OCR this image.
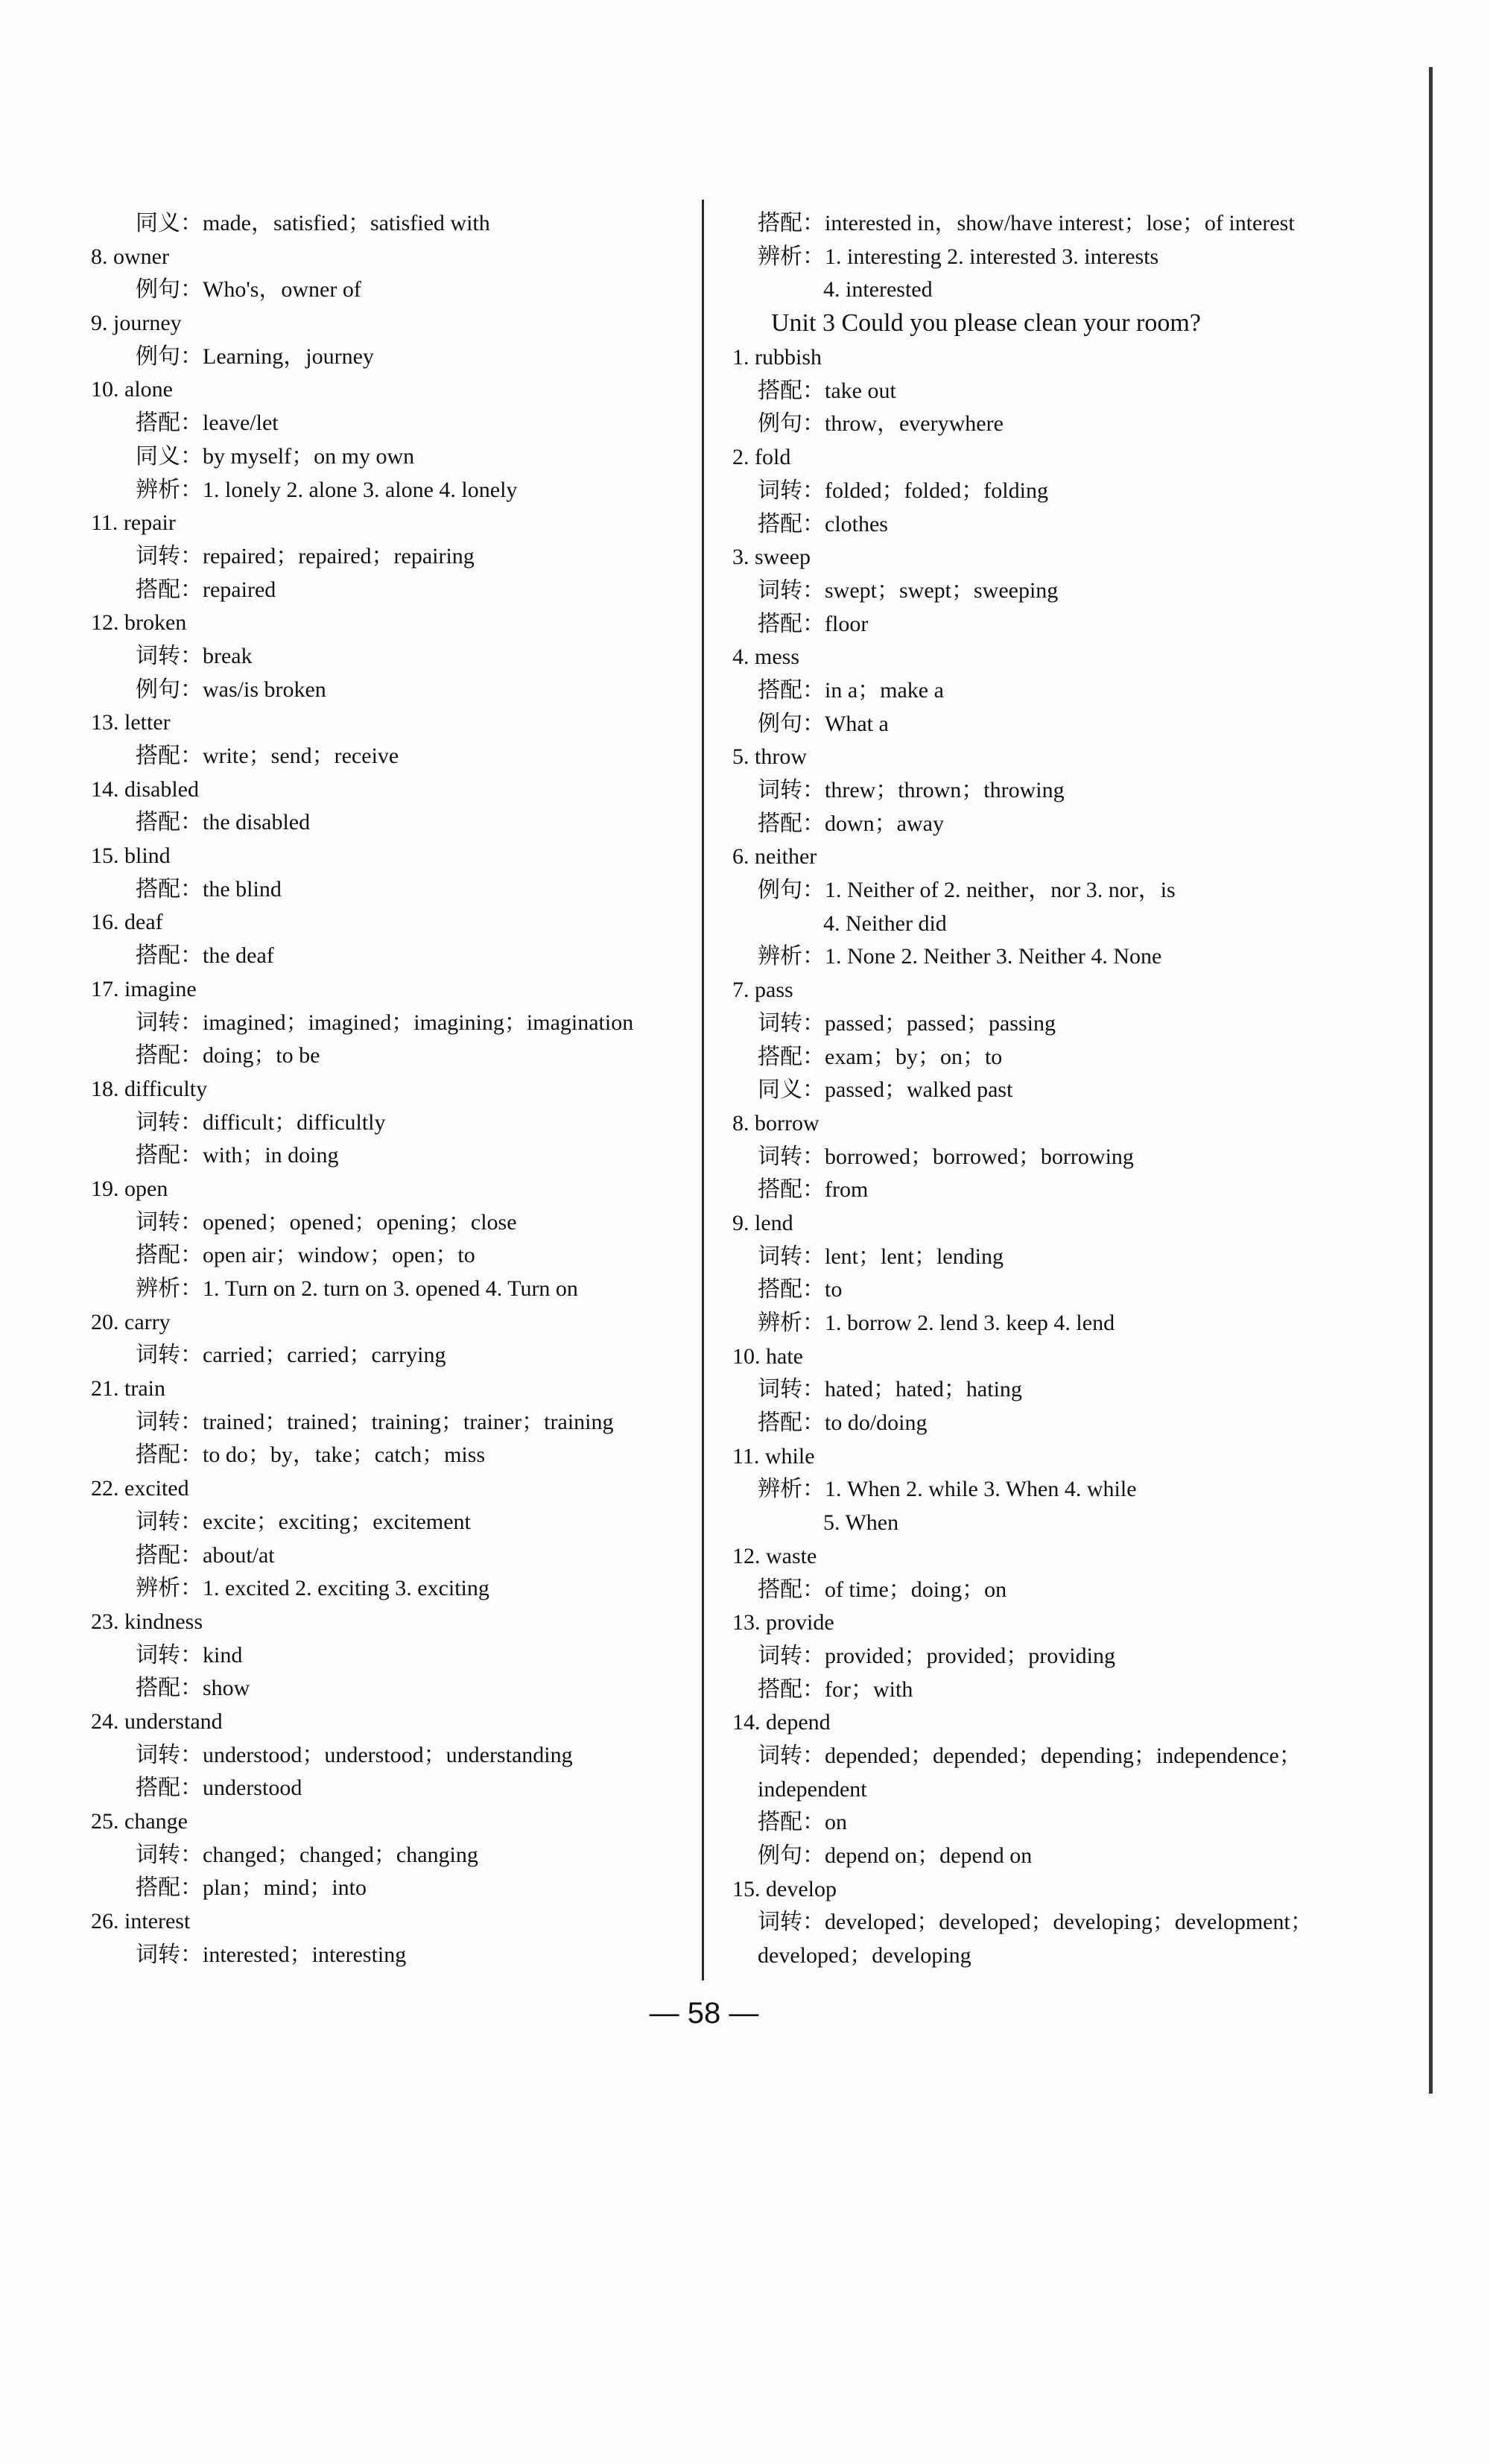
同义：made，satisfied；satisfied with
8. owner
例句：Who's，owner of
9. journey
例句：Learning，journey
10. alone
搭配：leave/let
同义：by myself；on my own
辨析：1. lonely 2. alone 3. alone 4. lonely
11. repair
词转：repaired；repaired；repairing
搭配：repaired
12. broken
词转：break
例句：was/is broken
13. letter
搭配：write；send；receive
14. disabled
搭配：the disabled
15. blind
搭配：the blind
16. deaf
搭配：the deaf
17. imagine
词转：imagined；imagined；imagining；imagination
搭配：doing；to be
18. difficulty
词转：difficult；difficultly
搭配：with；in doing
19. open
词转：opened；opened；opening；close
搭配：open air；window；open；to
辨析：1. Turn on 2. turn on 3. opened 4. Turn on
20. carry
词转：carried；carried；carrying
21. train
词转：trained；trained；training；trainer；training
搭配：to do；by，take；catch；miss
22. excited
词转：excite；exciting；excitement
搭配：about/at
辨析：1. excited 2. exciting 3. exciting
23. kindness
词转：kind
搭配：show
24. understand
词转：understood；understood；understanding
搭配：understood
25. change
词转：changed；changed；changing
搭配：plan；mind；into
26. interest
词转：interested；interesting
搭配：interested in，show/have interest；lose；of interest
辨析：1. interesting 2. interested 3. interests
4. interested
Unit 3 Could you please clean your room?
1. rubbish
搭配：take out
例句：throw，everywhere
2. fold
词转：folded；folded；folding
搭配：clothes
3. sweep
词转：swept；swept；sweeping
搭配：floor
4. mess
搭配：in a；make a
例句：What a
5. throw
词转：threw；thrown；throwing
搭配：down；away
6. neither
例句：1. Neither of 2. neither，nor 3. nor，is
4. Neither did
辨析：1. None 2. Neither 3. Neither 4. None
7. pass
词转：passed；passed；passing
搭配：exam；by；on；to
同义：passed；walked past
8. borrow
词转：borrowed；borrowed；borrowing
搭配：from
9. lend
词转：lent；lent；lending
搭配：to
辨析：1. borrow 2. lend 3. keep 4. lend
10. hate
词转：hated；hated；hating
搭配：to do/doing
11. while
辨析：1. When 2. while 3. When 4. while
5. When
12. waste
搭配：of time；doing；on
13. provide
词转：provided；provided；providing
搭配：for；with
14. depend
词转：depended；depended；depending；independence；
independent
搭配：on
例句：depend on；depend on
15. develop
词转：developed；developed；developing；development；
developed；developing
— 58 —
